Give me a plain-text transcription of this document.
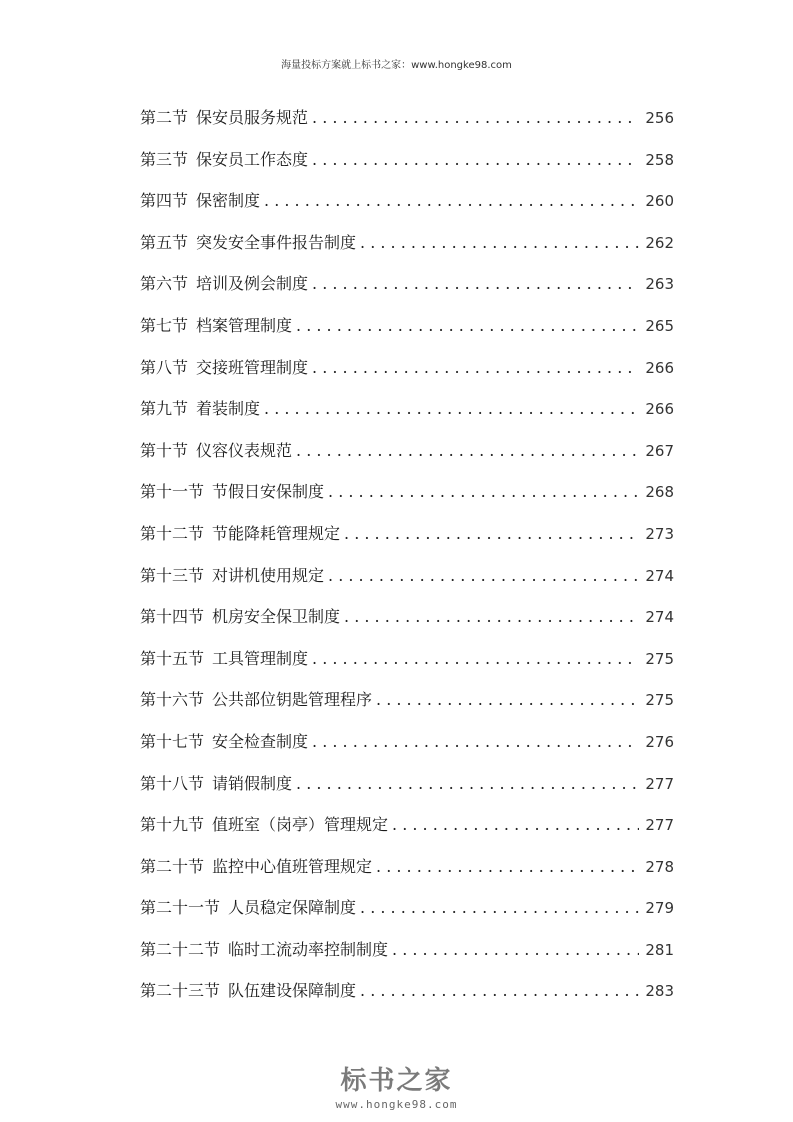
海量投标方案就上标书之家：www.hongke98.com
第二节 保安员服务规范 . . .	256
第三节 保安员工作态度 . . .	258
第四节 保密制度 . . .	260
第五节 突发安全事件报告制度 . . .	262
第六节 培训及例会制度 . . .	263
第七节 档案管理制度 . . .	265
第八节 交接班管理制度 . . .	266
第九节 着装制度 . . .	266
第十节 仪容仪表规范 . . .	267
第十一节 节假日安保制度 . . .	268
第十二节 节能降耗管理规定 . . .	273
第十三节 对讲机使用规定 . . .	274
第十四节 机房安全保卫制度 . . .	274
第十五节 工具管理制度 . . .	275
第十六节 公共部位钥匙管理程序 . . .	275
第十七节 安全检查制度 . . .	276
第十八节 请销假制度 . . .	277
第十九节 值班室（岗亭）管理规定 . . .	277
第二十节 监控中心值班管理规定 . . .	278
第二十一节 人员稳定保障制度 . . .	279
第二十二节 临时工流动率控制制度 . . .	281
第二十三节 队伍建设保障制度 . . .	283
标书之家
www.hongke98.com
